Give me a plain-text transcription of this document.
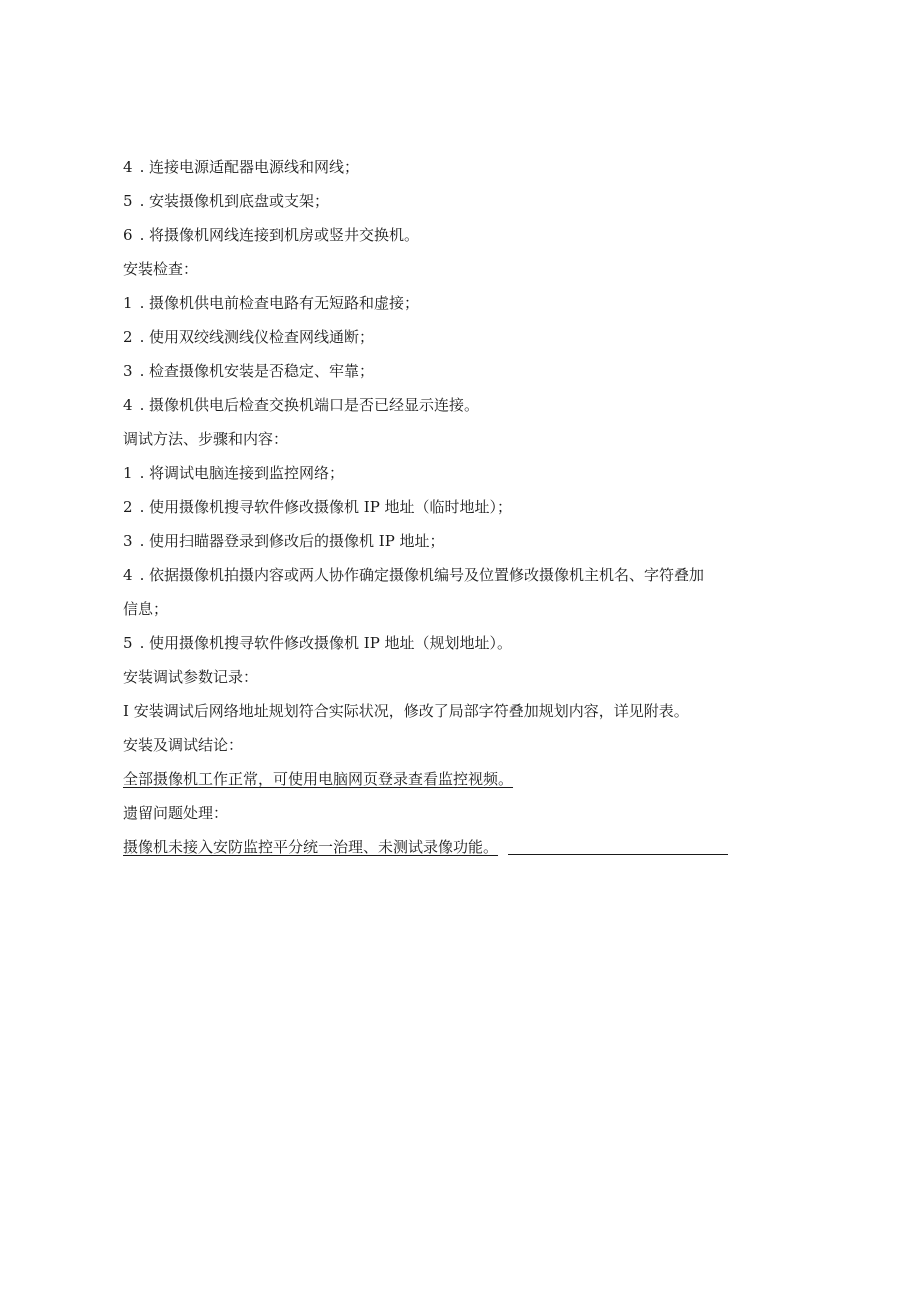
4 . 连接电源适配器电源线和网线；
5 . 安装摄像机到底盘或支架；
6 . 将摄像机网线连接到机房或竖井交换机。
安装检查：
1 . 摄像机供电前检查电路有无短路和虚接；
2 . 使用双绞线测线仪检查网线通断；
3 . 检查摄像机安装是否稳定、牢靠；
4 . 摄像机供电后检查交换机端口是否已经显示连接。
调试方法、步骤和内容：
1 . 将调试电脑连接到监控网络；
2 . 使用摄像机搜寻软件修改摄像机 IP 地址（临时地址）；
3 . 使用扫瞄器登录到修改后的摄像机 IP 地址；
4 . 依据摄像机拍摄内容或两人协作确定摄像机编号及位置修改摄像机主机名、字符叠加
信息；
5 . 使用摄像机搜寻软件修改摄像机 IP 地址（规划地址）。
安装调试参数记录：
I 安装调试后网络地址规划符合实际状况，修改了局部字符叠加规划内容，详见附表。
安装及调试结论：
全部摄像机工作正常，可使用电脑网页登录查看监控视频。
遗留问题处理：
摄像机未接入安防监控平分统一治理、未测试录像功能。
